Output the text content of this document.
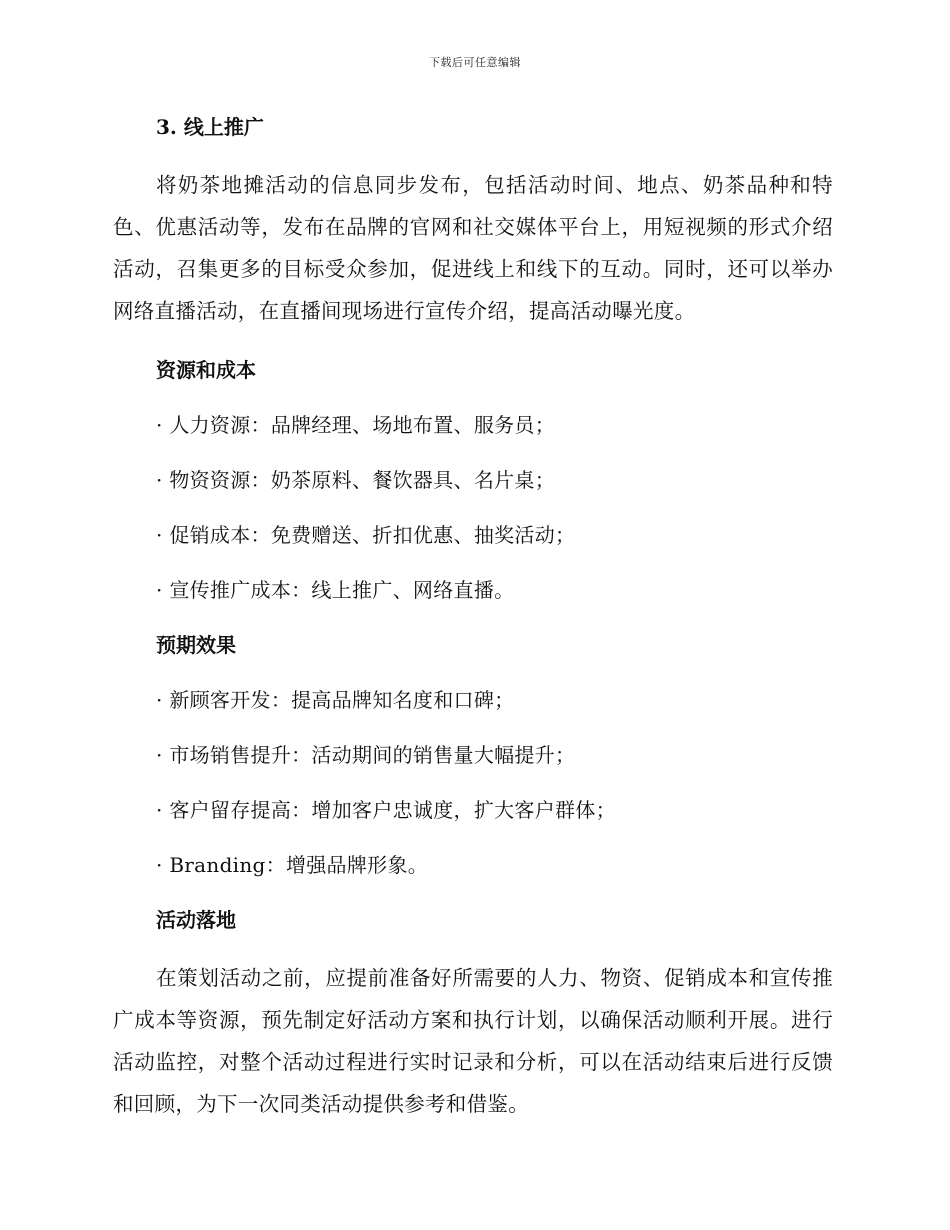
下载后可任意编辑
3. 线上推广

将奶茶地摊活动的信息同步发布，包括活动时间、地点、奶茶品种和特色、优惠活动等，发布在品牌的官网和社交媒体平台上，用短视频的形式介绍活动，召集更多的目标受众参加，促进线上和线下的互动。同时，还可以举办网络直播活动，在直播间现场进行宣传介绍，提高活动曝光度。

资源和成本

· 人力资源：品牌经理、场地布置、服务员；

· 物资资源：奶茶原料、餐饮器具、名片桌；

· 促销成本：免费赠送、折扣优惠、抽奖活动；

· 宣传推广成本：线上推广、网络直播。

预期效果

· 新顾客开发：提高品牌知名度和口碑；

· 市场销售提升：活动期间的销售量大幅提升；

· 客户留存提高：增加客户忠诚度，扩大客户群体；

· Branding：增强品牌形象。

活动落地

在策划活动之前，应提前准备好所需要的人力、物资、促销成本和宣传推广成本等资源，预先制定好活动方案和执行计划，以确保活动顺利开展。进行活动监控，对整个活动过程进行实时记录和分析，可以在活动结束后进行反馈和回顾，为下一次同类活动提供参考和借鉴。
